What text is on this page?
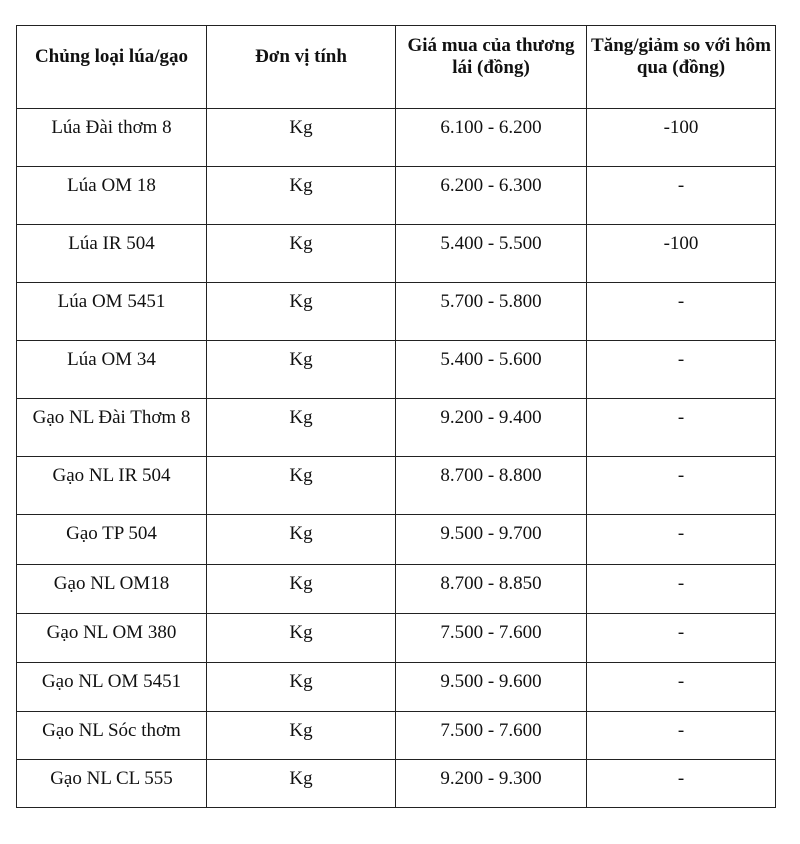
Chủng loại lúa/gạo	Đơn vị tính	Giá mua của thương lái (đồng)	Tăng/giảm so với hôm qua (đồng)
Lúa Đài thơm 8	Kg	6.100 - 6.200	-100
Lúa OM 18	Kg	6.200 - 6.300	-
Lúa IR 504	Kg	5.400 - 5.500	-100
Lúa OM 5451	Kg	5.700 - 5.800	-
Lúa OM 34	Kg	5.400 - 5.600	-
Gạo NL Đài Thơm 8	Kg	9.200 - 9.400	-
Gạo NL IR 504	Kg	8.700 - 8.800	-
Gạo TP 504	Kg	9.500 - 9.700	-
Gạo NL OM18	Kg	8.700 - 8.850	-
Gạo NL OM 380	Kg	7.500 - 7.600	-
Gạo NL OM 5451	Kg	9.500 - 9.600	-
Gạo NL Sóc thơm	Kg	7.500 - 7.600	-
Gạo NL CL 555	Kg	9.200 - 9.300	-
